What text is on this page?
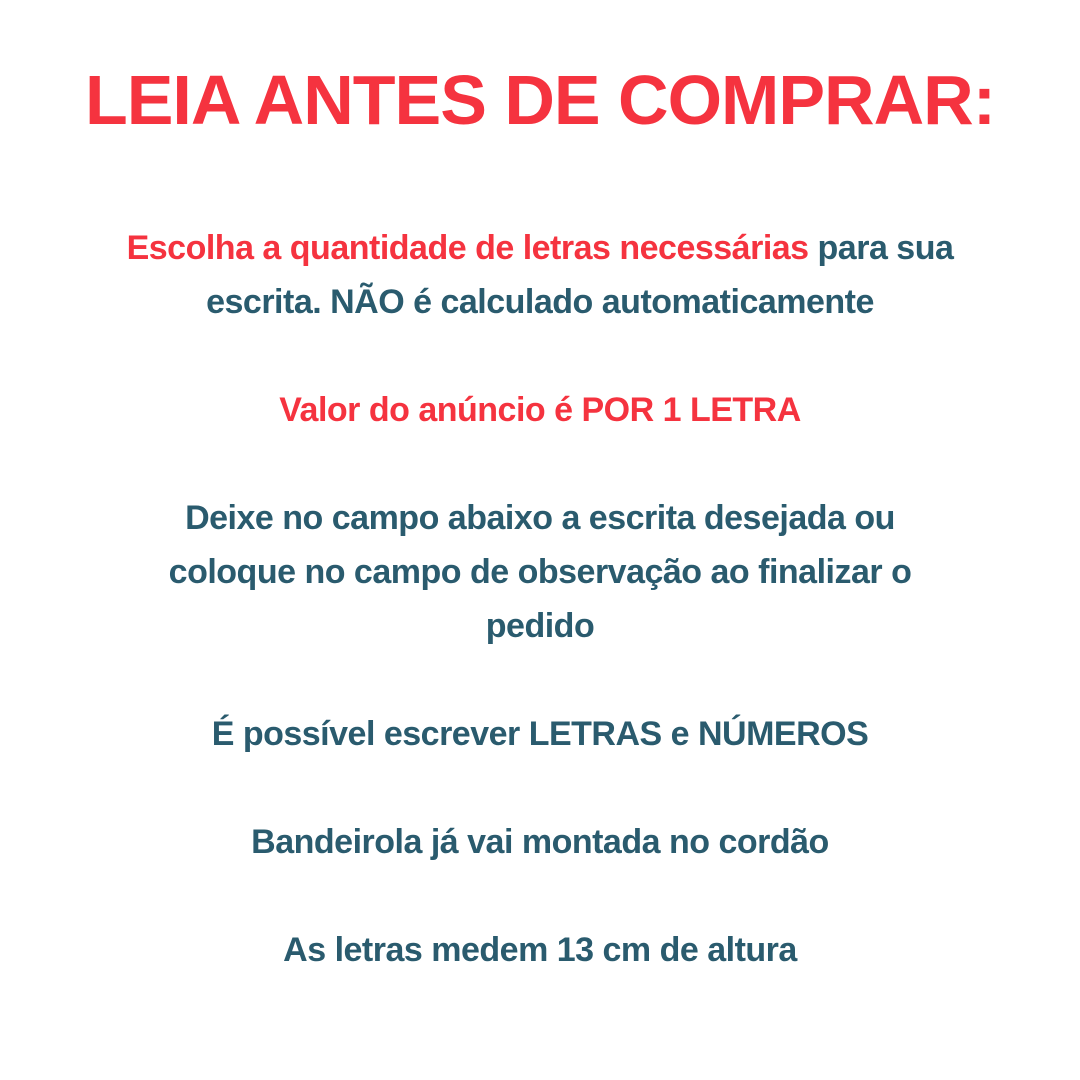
LEIA ANTES DE COMPRAR:
Escolha a quantidade de letras necessárias para sua
escrita. NÃO é calculado automaticamente
Valor do anúncio é POR 1 LETRA
Deixe no campo abaixo a escrita desejada ou
coloque no campo de observação ao finalizar o
pedido
É possível escrever LETRAS e NÚMEROS
Bandeirola já vai montada no cordão
As letras medem 13 cm de altura
